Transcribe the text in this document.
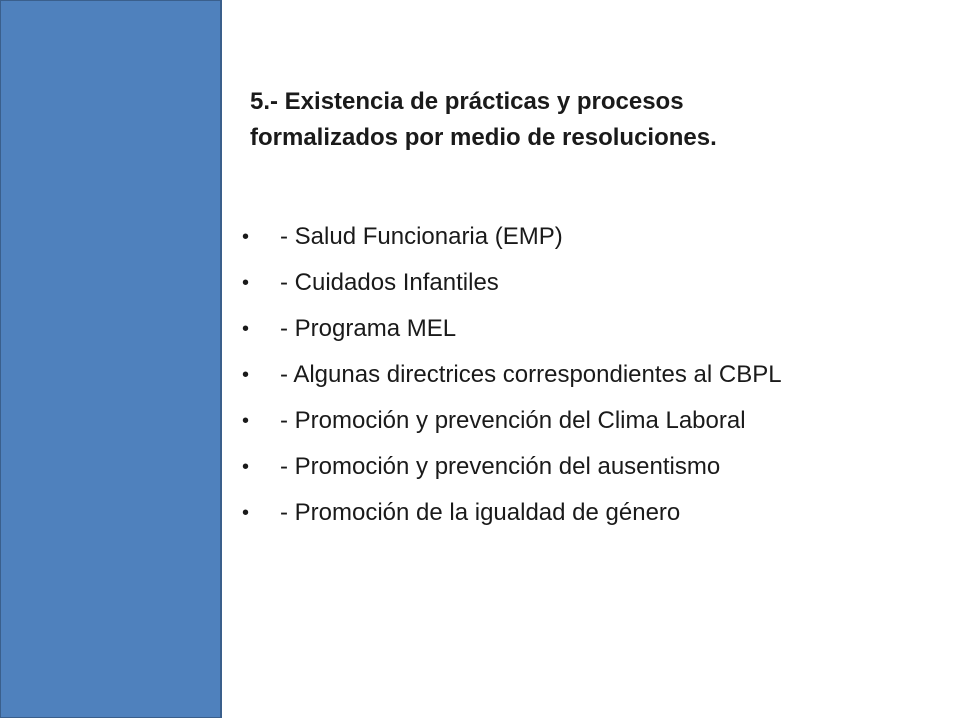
5.- Existencia de prácticas y procesos
formalizados por medio de resoluciones.
• - Salud Funcionaria (EMP)
• - Cuidados Infantiles
• - Programa MEL
• - Algunas directrices correspondientes al CBPL
• - Promoción y prevención del Clima Laboral
• - Promoción y prevención del ausentismo
• - Promoción de la igualdad de género
